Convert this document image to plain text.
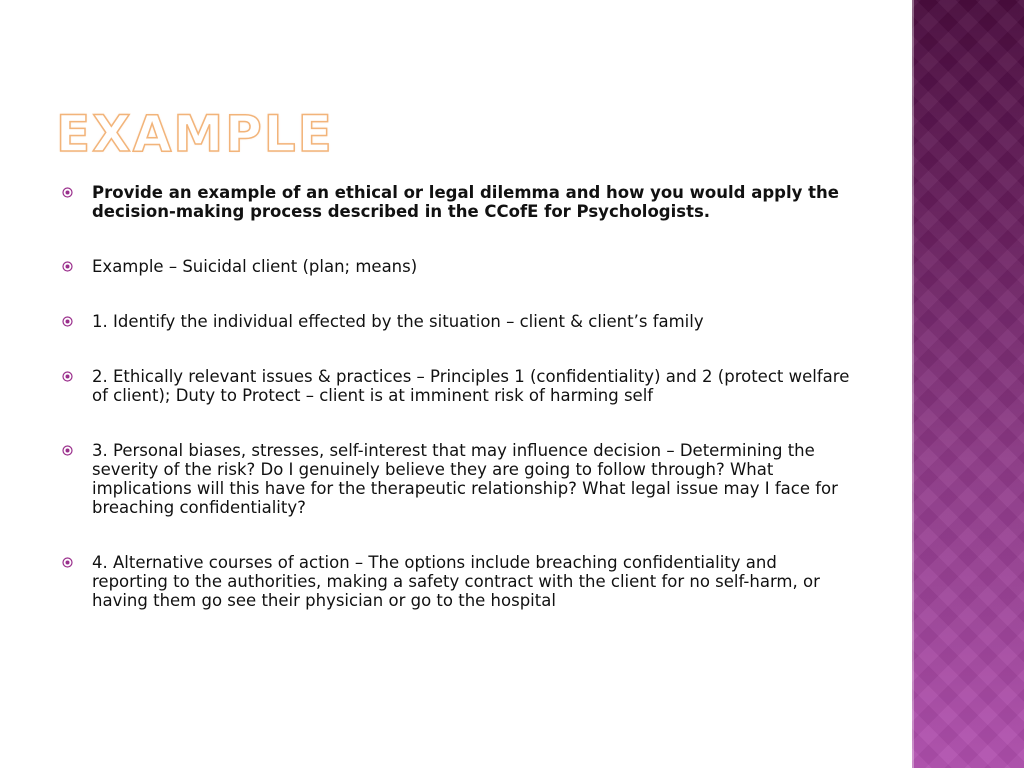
EXAMPLE
Provide an example of an ethical or legal dilemma and how you would apply the decision-making process described in the CCofE for Psychologists.
Example – Suicidal client (plan; means)
1. Identify the individual effected by the situation – client & client’s family
2. Ethically relevant issues & practices – Principles 1 (confidentiality) and 2 (protect welfare of client); Duty to Protect – client is at imminent risk of harming self
3. Personal biases, stresses, self-interest that may influence decision – Determining the severity of the risk? Do I genuinely believe they are going to follow through? What implications will this have for the therapeutic relationship? What legal issue may I face for breaching confidentiality?
4. Alternative courses of action – The options include breaching confidentiality and reporting to the authorities, making a safety contract with the client for no self-harm, or having them go see their physician or go to the hospital
